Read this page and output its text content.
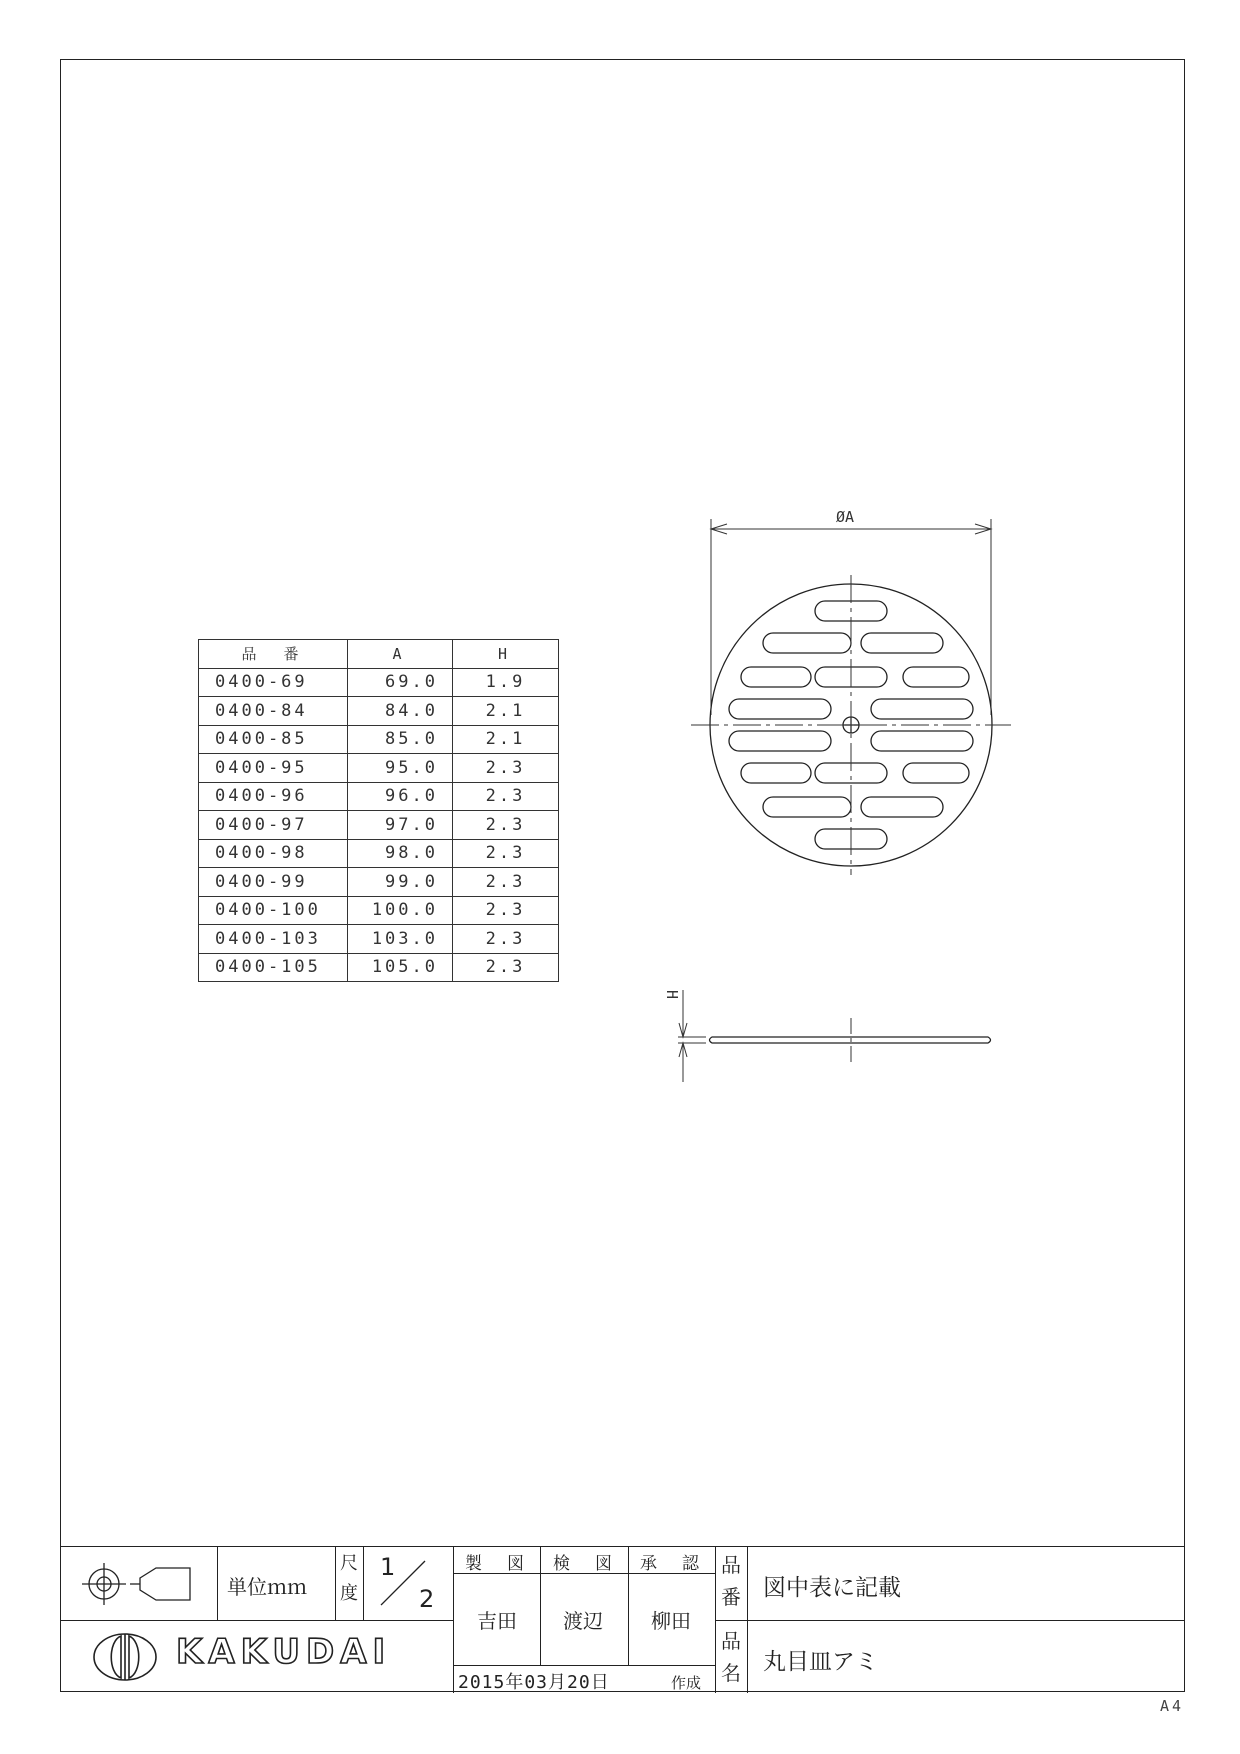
A4
品　番	A	H
0400-69	69.0	1.9
0400-84	84.0	2.1
0400-85	85.0	2.1
0400-95	95.0	2.3
0400-96	96.0	2.3
0400-97	97.0	2.3
0400-98	98.0	2.3
0400-99	99.0	2.3
0400-100	100.0	2.3
0400-103	103.0	2.3
0400-105	105.0	2.3
ØA
H
単位ｍｍ
尺
度
1
2
KAKUDAI
製　図 検　図 承　認
吉田 渡辺 柳田
2015年03月20日	作成
品
番 図中表に記載
品
名 丸目皿アミ
